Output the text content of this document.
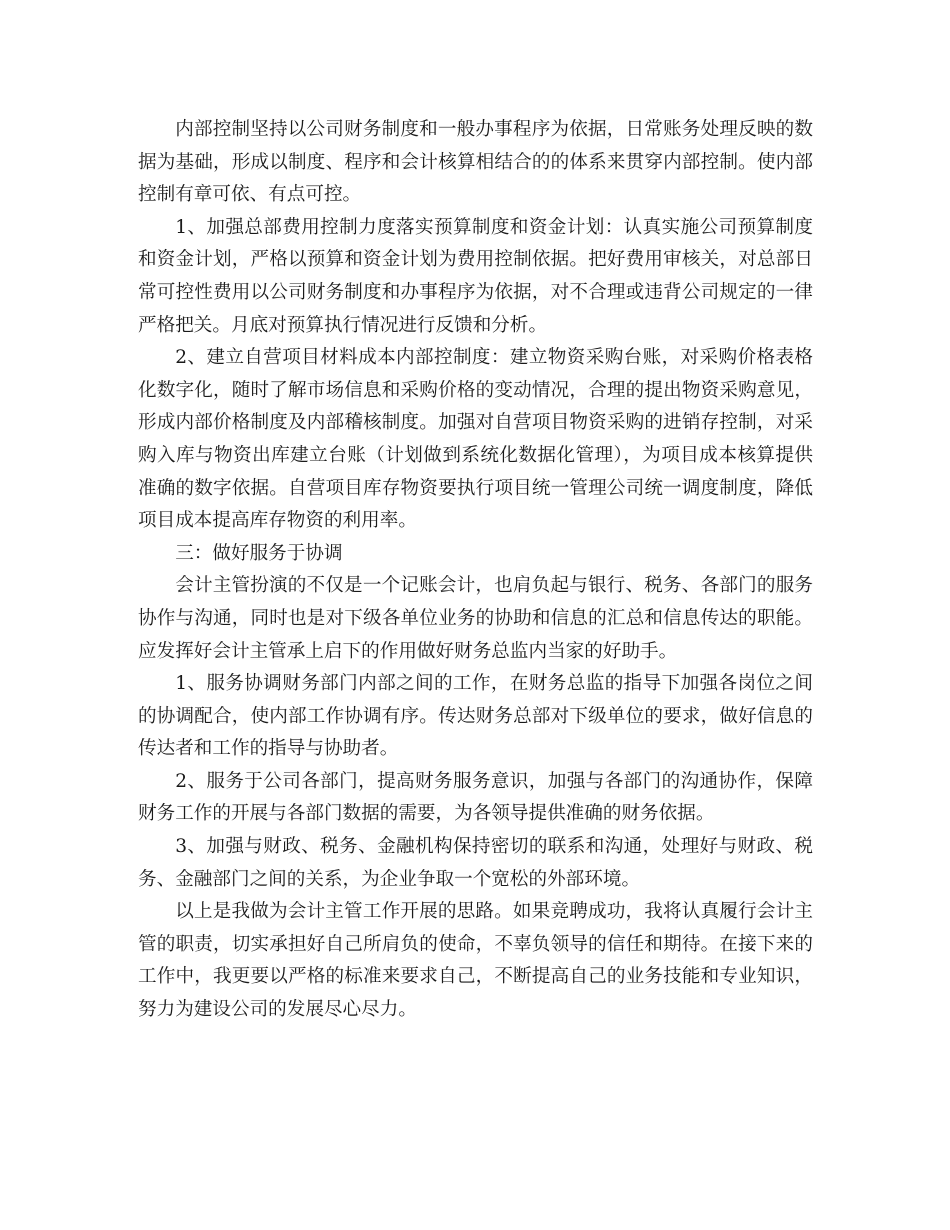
内部控制坚持以公司财务制度和一般办事程序为依据，日常账务处理反映的数据为基础，形成以制度、程序和会计核算相结合的的体系来贯穿内部控制。使内部控制有章可依、有点可控。

1、加强总部费用控制力度落实预算制度和资金计划：认真实施公司预算制度和资金计划，严格以预算和资金计划为费用控制依据。把好费用审核关，对总部日常可控性费用以公司财务制度和办事程序为依据，对不合理或违背公司规定的一律严格把关。月底对预算执行情况进行反馈和分析。

2、建立自营项目材料成本内部控制度：建立物资采购台账，对采购价格表格化数字化，随时了解市场信息和采购价格的变动情况，合理的提出物资采购意见，形成内部价格制度及内部稽核制度。加强对自营项目物资采购的进销存控制，对采购入库与物资出库建立台账（计划做到系统化数据化管理），为项目成本核算提供准确的数字依据。自营项目库存物资要执行项目统一管理公司统一调度制度，降低项目成本提高库存物资的利用率。

三：做好服务于协调

会计主管扮演的不仅是一个记账会计，也肩负起与银行、税务、各部门的服务协作与沟通，同时也是对下级各单位业务的协助和信息的汇总和信息传达的职能。应发挥好会计主管承上启下的作用做好财务总监内当家的好助手。

1、服务协调财务部门内部之间的工作，在财务总监的指导下加强各岗位之间的协调配合，使内部工作协调有序。传达财务总部对下级单位的要求，做好信息的传达者和工作的指导与协助者。

2、服务于公司各部门，提高财务服务意识，加强与各部门的沟通协作，保障财务工作的开展与各部门数据的需要，为各领导提供准确的财务依据。

3、加强与财政、税务、金融机构保持密切的联系和沟通，处理好与财政、税务、金融部门之间的关系，为企业争取一个宽松的外部环境。

以上是我做为会计主管工作开展的思路。如果竞聘成功，我将认真履行会计主管的职责，切实承担好自己所肩负的使命，不辜负领导的信任和期待。在接下来的工作中，我更要以严格的标准来要求自己，不断提高自己的业务技能和专业知识，努力为建设公司的发展尽心尽力。
